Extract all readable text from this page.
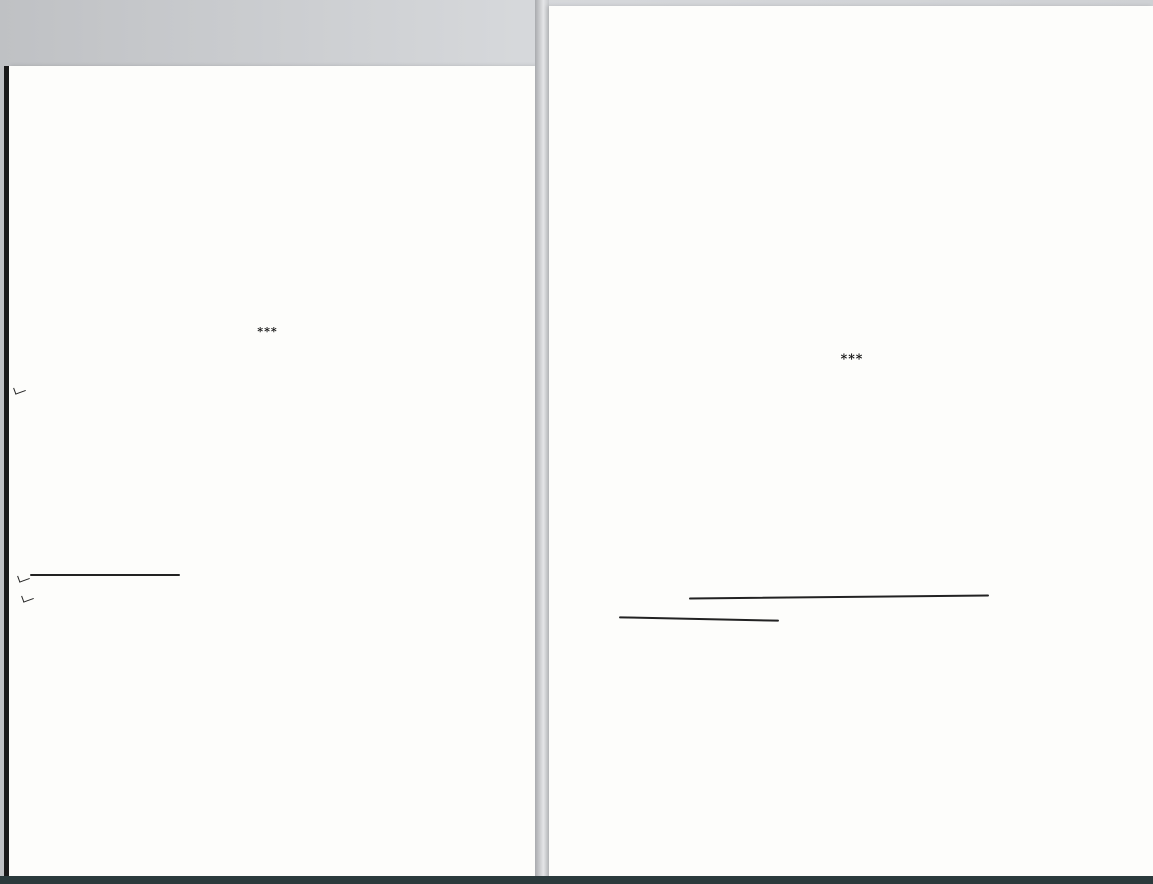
***

***
